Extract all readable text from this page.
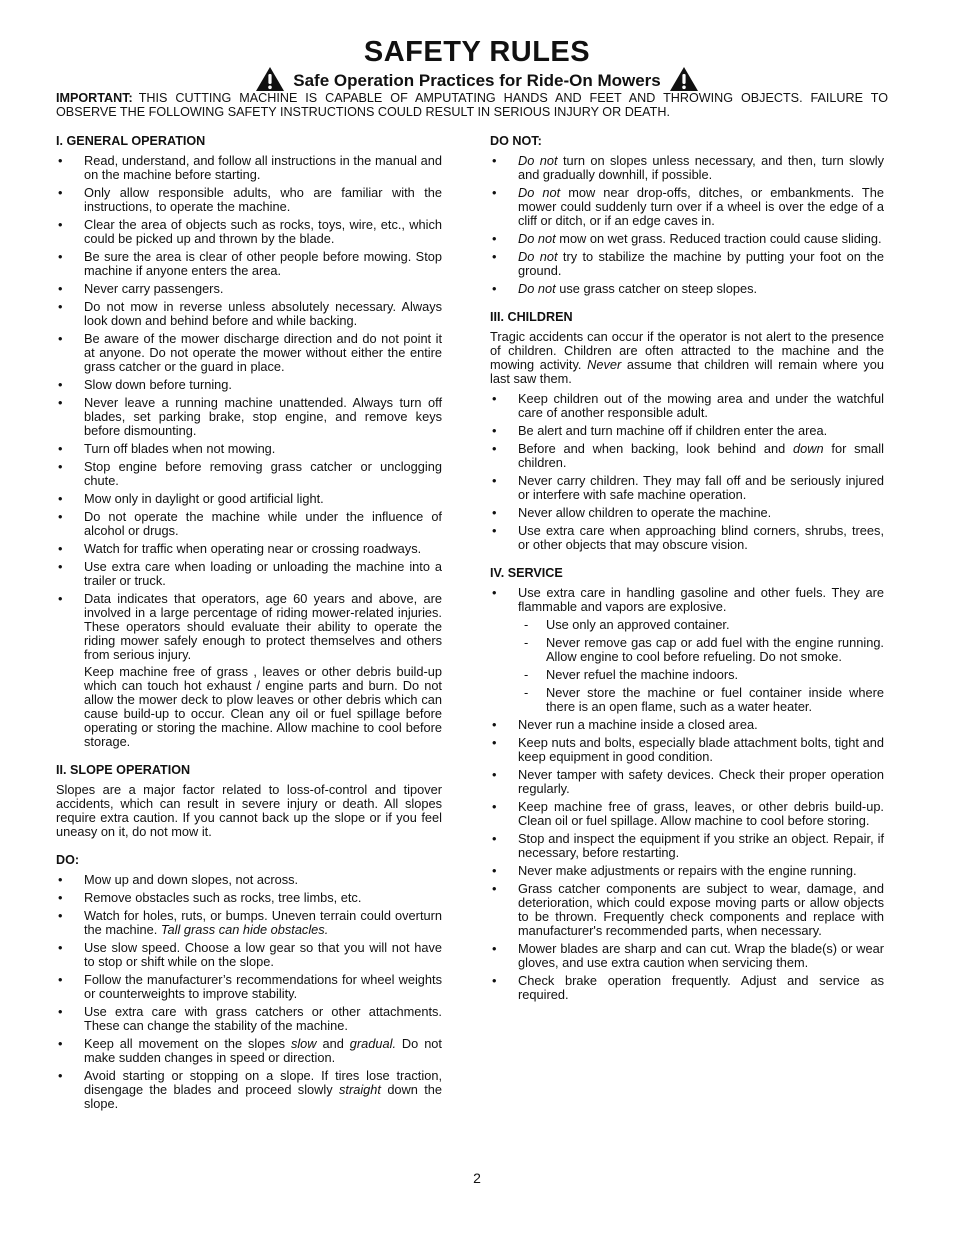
SAFETY RULES
Safe Operation Practices for Ride-On Mowers
IMPORTANT: THIS CUTTING MACHINE IS CAPABLE OF AMPUTATING HANDS AND FEET AND THROWING OBJECTS. FAILURE TO OBSERVE THE FOLLOWING SAFETY INSTRUCTIONS COULD RESULT IN SERIOUS INJURY OR DEATH.
I. GENERAL OPERATION
• Read, understand, and follow all instructions in the manual and on the machine before starting.
• Only allow responsible adults, who are familiar with the instructions, to operate the machine.
• Clear the area of objects such as rocks, toys, wire, etc., which could be picked up and thrown by the blade.
• Be sure the area is clear of other people before mowing. Stop machine if anyone enters the area.
• Never carry passengers.
• Do not mow in reverse unless absolutely necessary. Always look down and behind before and while backing.
• Be aware of the mower discharge direction and do not point it at anyone. Do not operate the mower without either the entire grass catcher or the guard in place.
• Slow down before turning.
• Never leave a running machine unattended. Always turn off blades, set parking brake, stop engine, and remove keys before dismounting.
• Turn off blades when not mowing.
• Stop engine before removing grass catcher or unclogging chute.
• Mow only in daylight or good artificial light.
• Do not operate the machine while under the influence of alcohol or drugs.
• Watch for traffic when operating near or crossing roadways.
• Use extra care when loading or unloading the machine into a trailer or truck.
• Data indicates that operators, age 60 years and above, are involved in a large percentage of riding mower-related injuries. These operators should evaluate their ability to operate the riding mower safely enough to protect themselves and others from serious injury.
Keep machine free of grass , leaves or other debris build-up which can touch hot exhaust / engine parts and burn. Do not allow the mower deck to plow leaves or other debris which can cause build-up to occur. Clean any oil or fuel spillage before operating or storing the machine. Allow machine to cool before storage.
II. SLOPE OPERATION

Slopes are a major factor related to loss-of-control and tipover accidents, which can result in severe injury or death. All slopes require extra caution. If you cannot back up the slope or if you feel uneasy on it, do not mow it.

DO:
• Mow up and down slopes, not across.
• Remove obstacles such as rocks, tree limbs, etc.
• Watch for holes, ruts, or bumps. Uneven terrain could overturn the machine. Tall grass can hide obstacles.
• Use slow speed. Choose a low gear so that you will not have to stop or shift while on the slope.
• Follow the manufacturer’s recommendations for wheel weights or counterweights to improve stability.
• Use extra care with grass catchers or other attachments. These can change the stability of the machine.
• Keep all movement on the slopes slow and gradual. Do not make sudden changes in speed or direction.
• Avoid starting or stopping on a slope. If tires lose traction, disengage the blades and proceed slowly straight down the slope.
DO NOT:
• Do not turn on slopes unless necessary, and then, turn slowly and gradually downhill, if possible.
• Do not mow near drop-offs, ditches, or embankments. The mower could suddenly turn over if a wheel is over the edge of a cliff or ditch, or if an edge caves in.
• Do not mow on wet grass. Reduced traction could cause sliding.
• Do not try to stabilize the machine by putting your foot on the ground.
• Do not use grass catcher on steep slopes.
III. CHILDREN

Tragic accidents can occur if the operator is not alert to the presence of children. Children are often attracted to the machine and the mowing activity. Never assume that children will remain where you last saw them.

• Keep children out of the mowing area and under the watchful care of another responsible adult.
• Be alert and turn machine off if children enter the area.
• Before and when backing, look behind and down for small children.
• Never carry children. They may fall off and be seriously injured or interfere with safe machine operation.
• Never allow children to operate the machine.
• Use extra care when approaching blind corners, shrubs, trees, or other objects that may obscure vision.
IV. SERVICE
• Use extra care in handling gasoline and other fuels. They are flammable and vapors are explosive.
- Use only an approved container.
- Never remove gas cap or add fuel with the engine running. Allow engine to cool before refueling. Do not smoke.
- Never refuel the machine indoors.
- Never store the machine or fuel container inside where there is an open flame, such as a water heater.
• Never run a machine inside a closed area.
• Keep nuts and bolts, especially blade attachment bolts, tight and keep equipment in good condition.
• Never tamper with safety devices. Check their proper operation regularly.
• Keep machine free of grass, leaves, or other debris build-up. Clean oil or fuel spillage. Allow machine to cool before storing.
• Stop and inspect the equipment if you strike an object. Repair, if necessary, before restarting.
• Never make adjustments or repairs with the engine running.
• Grass catcher components are subject to wear, damage, and deterioration, which could expose moving parts or allow objects to be thrown. Frequently check components and replace with manufacturer's recommended parts, when necessary.
• Mower blades are sharp and can cut. Wrap the blade(s) or wear gloves, and use extra caution when servicing them.
• Check brake operation frequently. Adjust and service as required.
2
